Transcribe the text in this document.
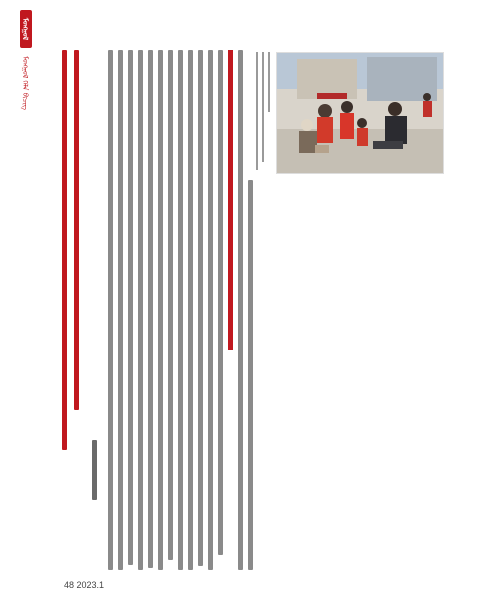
ᠮᠣᠩᠭᠣᠯ
ᠮᠣᠩᠭᠣᠯ ᠬᠡᠯᠡ ᠪᠢᠴᠢᠭ
48 2023.1
